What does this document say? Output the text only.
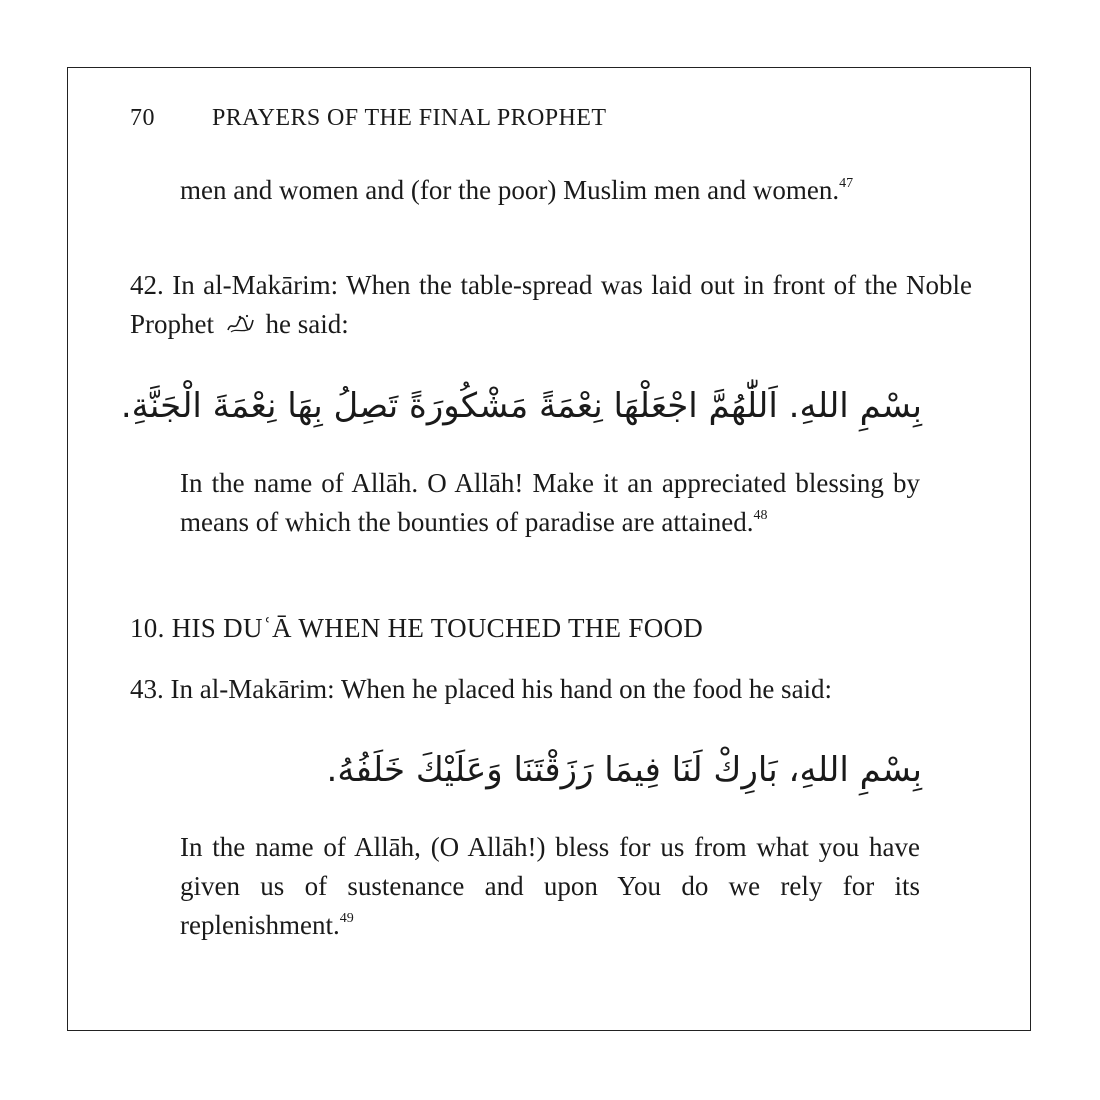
70 PRAYERS OF THE FINAL PROPHET
men and women and (for the poor) Muslim men and women.$^{47}$
42. In al-Makārim: When the table-spread was laid out in front of the Noble Prophet he said:
بِسْمِ اللهِ. اَللّٰهُمَّ اجْعَلْهَا نِعْمَةً مَشْكُورَةً تَصِلُ بِهَا نِعْمَةَ الْجَنَّةِ.
In the name of Allāh. O Allāh! Make it an appreciated blessing by means of which the bounties of paradise are attained.$^{48}$
10. HIS DUʿĀ WHEN HE TOUCHED THE FOOD
43. In al-Makārim: When he placed his hand on the food he said:
بِسْمِ اللهِ، بَارِكْ لَنَا فِيمَا رَزَقْتَنَا وَعَلَيْكَ خَلَفُهُ.
In the name of Allāh, (O Allāh!) bless for us from what you have given us of sustenance and upon You do we rely for its replenishment.$^{49}$
